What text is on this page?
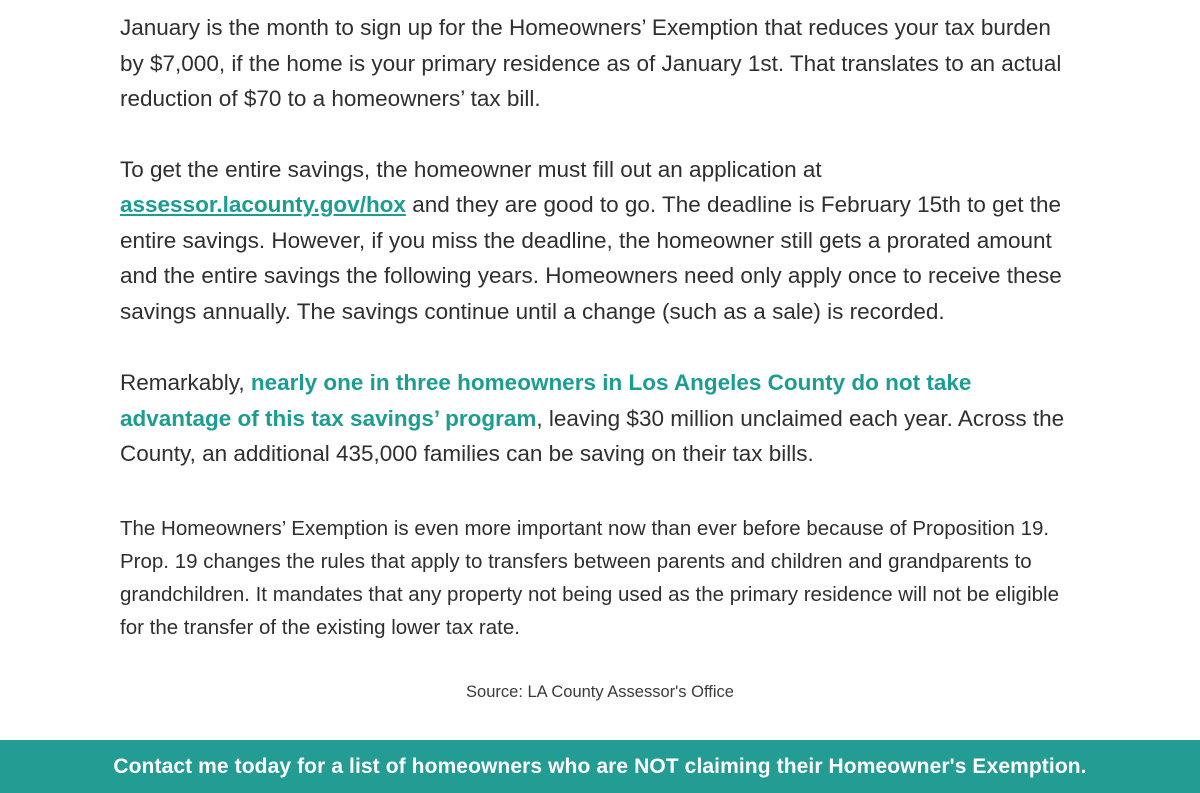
January is the month to sign up for the Homeowners’ Exemption that reduces your tax burden by $7,000, if the home is your primary residence as of January 1st. That translates to an actual reduction of $70 to a homeowners’ tax bill.

To get the entire savings, the homeowner must fill out an application at assessor.lacounty.gov/hox and they are good to go. The deadline is February 15th to get the entire savings. However, if you miss the deadline, the homeowner still gets a prorated amount and the entire savings the following years. Homeowners need only apply once to receive these savings annually. The savings continue until a change (such as a sale) is recorded.

Remarkably, nearly one in three homeowners in Los Angeles County do not take advantage of this tax savings’ program, leaving $30 million unclaimed each year. Across the County, an additional 435,000 families can be saving on their tax bills.

The Homeowners’ Exemption is even more important now than ever before because of Proposition 19. Prop. 19 changes the rules that apply to transfers between parents and children and grandparents to grandchildren. It mandates that any property not being used as the primary residence will not be eligible for the transfer of the existing lower tax rate.

Source: LA County Assessor's Office
Contact me today for a list of homeowners who are NOT claiming their Homeowner's Exemption.
